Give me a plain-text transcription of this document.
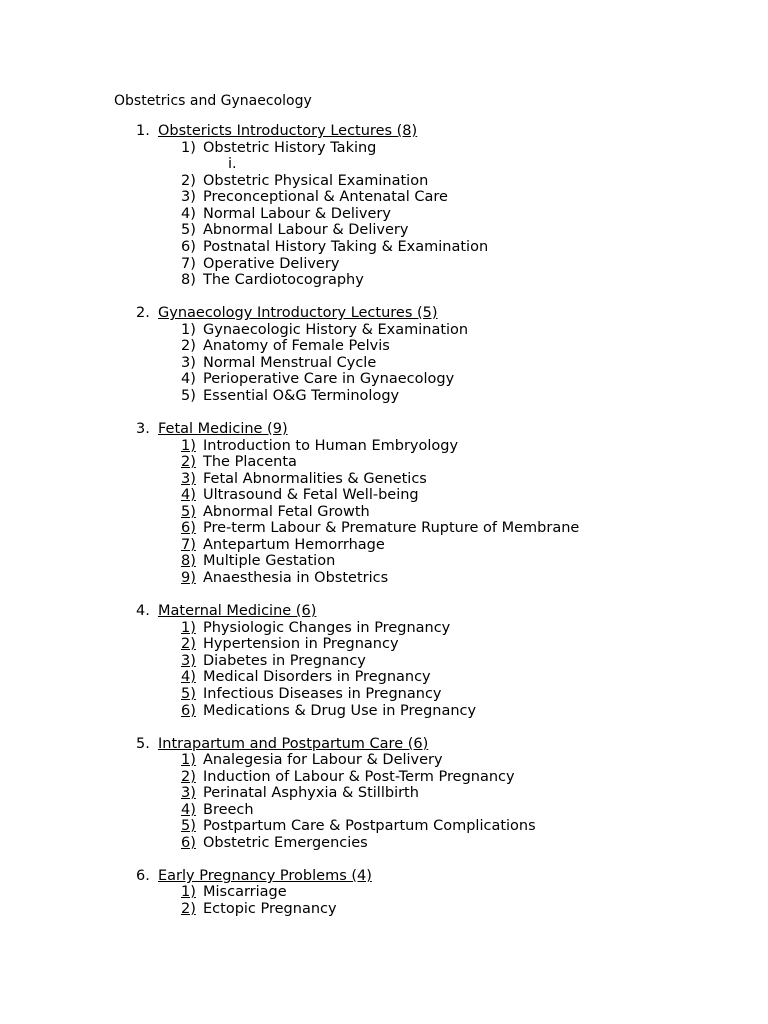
Obstetrics and Gynaecology
1. Obstericts Introductory Lectures (8)
1) Obstetric History Taking
i.
2) Obstetric Physical Examination
3) Preconceptional & Antenatal Care
4) Normal Labour & Delivery
5) Abnormal Labour & Delivery
6) Postnatal History Taking & Examination
7) Operative Delivery
8) The Cardiotocography
2. Gynaecology Introductory Lectures (5)
1) Gynaecologic History & Examination
2) Anatomy of Female Pelvis
3) Normal Menstrual Cycle
4) Perioperative Care in Gynaecology
5) Essential O&G Terminology
3. Fetal Medicine (9)
1) Introduction to Human Embryology
2) The Placenta
3) Fetal Abnormalities & Genetics
4) Ultrasound & Fetal Well-being
5) Abnormal Fetal Growth
6) Pre-term Labour & Premature Rupture of Membrane
7) Antepartum Hemorrhage
8) Multiple Gestation
9) Anaesthesia in Obstetrics
4. Maternal Medicine (6)
1) Physiologic Changes in Pregnancy
2) Hypertension in Pregnancy
3) Diabetes in Pregnancy
4) Medical Disorders in Pregnancy
5) Infectious Diseases in Pregnancy
6) Medications & Drug Use in Pregnancy
5. Intrapartum and Postpartum Care (6)
1) Analegesia for Labour & Delivery
2) Induction of Labour & Post-Term Pregnancy
3) Perinatal Asphyxia & Stillbirth
4) Breech
5) Postpartum Care & Postpartum Complications
6) Obstetric Emergencies
6. Early Pregnancy Problems (4)
1) Miscarriage
2) Ectopic Pregnancy
